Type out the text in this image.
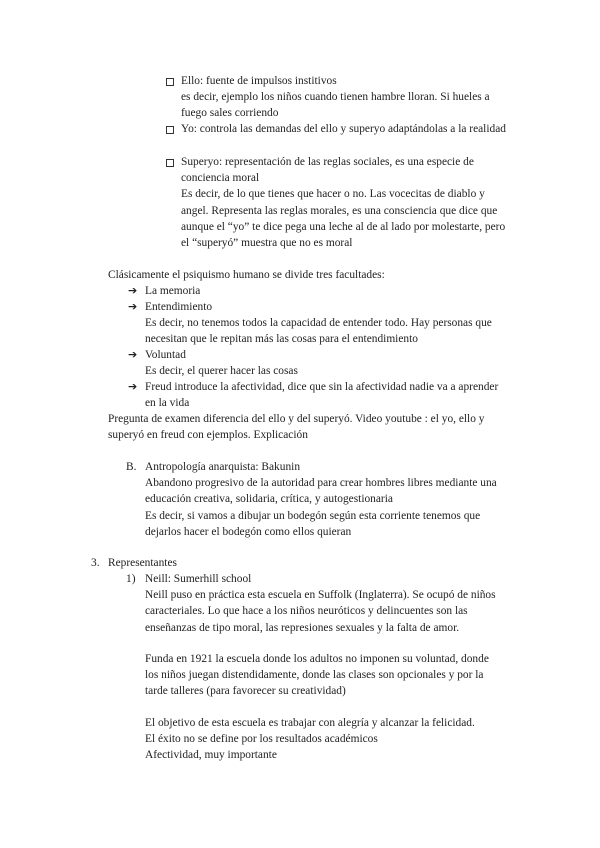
Ello: fuente de impulsos institivos
es decir, ejemplo los niños cuando tienen hambre lloran. Si hueles a
fuego sales corriendo
Yo: controla las demandas del ello y superyo adaptándolas a la realidad
Superyo: representación de las reglas sociales, es una especie de
conciencia moral
Es decir, de lo que tienes que hacer o no. Las vocecitas de diablo y
angel. Representa las reglas morales, es una consciencia que dice que
aunque el “yo” te dice pega una leche al de al lado por molestarte, pero
el “superyó” muestra que no es moral
Clásicamente el psiquismo humano se divide tres facultades:
➔ La memoria
➔ Entendimiento
Es decir, no tenemos todos la capacidad de entender todo. Hay personas que
necesitan que le repitan más las cosas para el entendimiento
➔ Voluntad
Es decir, el querer hacer las cosas
➔ Freud introduce la afectividad, dice que sin la afectividad nadie va a aprender
en la vida
Pregunta de examen diferencia del ello y del superyó. Video youtube : el yo, ello y
superyó en freud con ejemplos. Explicación
B. Antropología anarquista: Bakunin
Abandono progresivo de la autoridad para crear hombres libres mediante una
educación creativa, solidaria, crítica, y autogestionaria
Es decir, si vamos a dibujar un bodegón según esta corriente tenemos que
dejarlos hacer el bodegón como ellos quieran
3. Representantes
1) Neill: Sumerhill school
Neill puso en práctica esta escuela en Suffolk (Inglaterra). Se ocupó de niños
caracteriales. Lo que hace a los niños neuróticos y delincuentes son las
enseñanzas de tipo moral, las represiones sexuales y la falta de amor.
Funda en 1921 la escuela donde los adultos no imponen su voluntad, donde
los niños juegan distendidamente, donde las clases son opcionales y por la
tarde talleres (para favorecer su creatividad)
El objetivo de esta escuela es trabajar con alegría y alcanzar la felicidad.
El éxito no se define por los resultados académicos
Afectividad, muy importante
